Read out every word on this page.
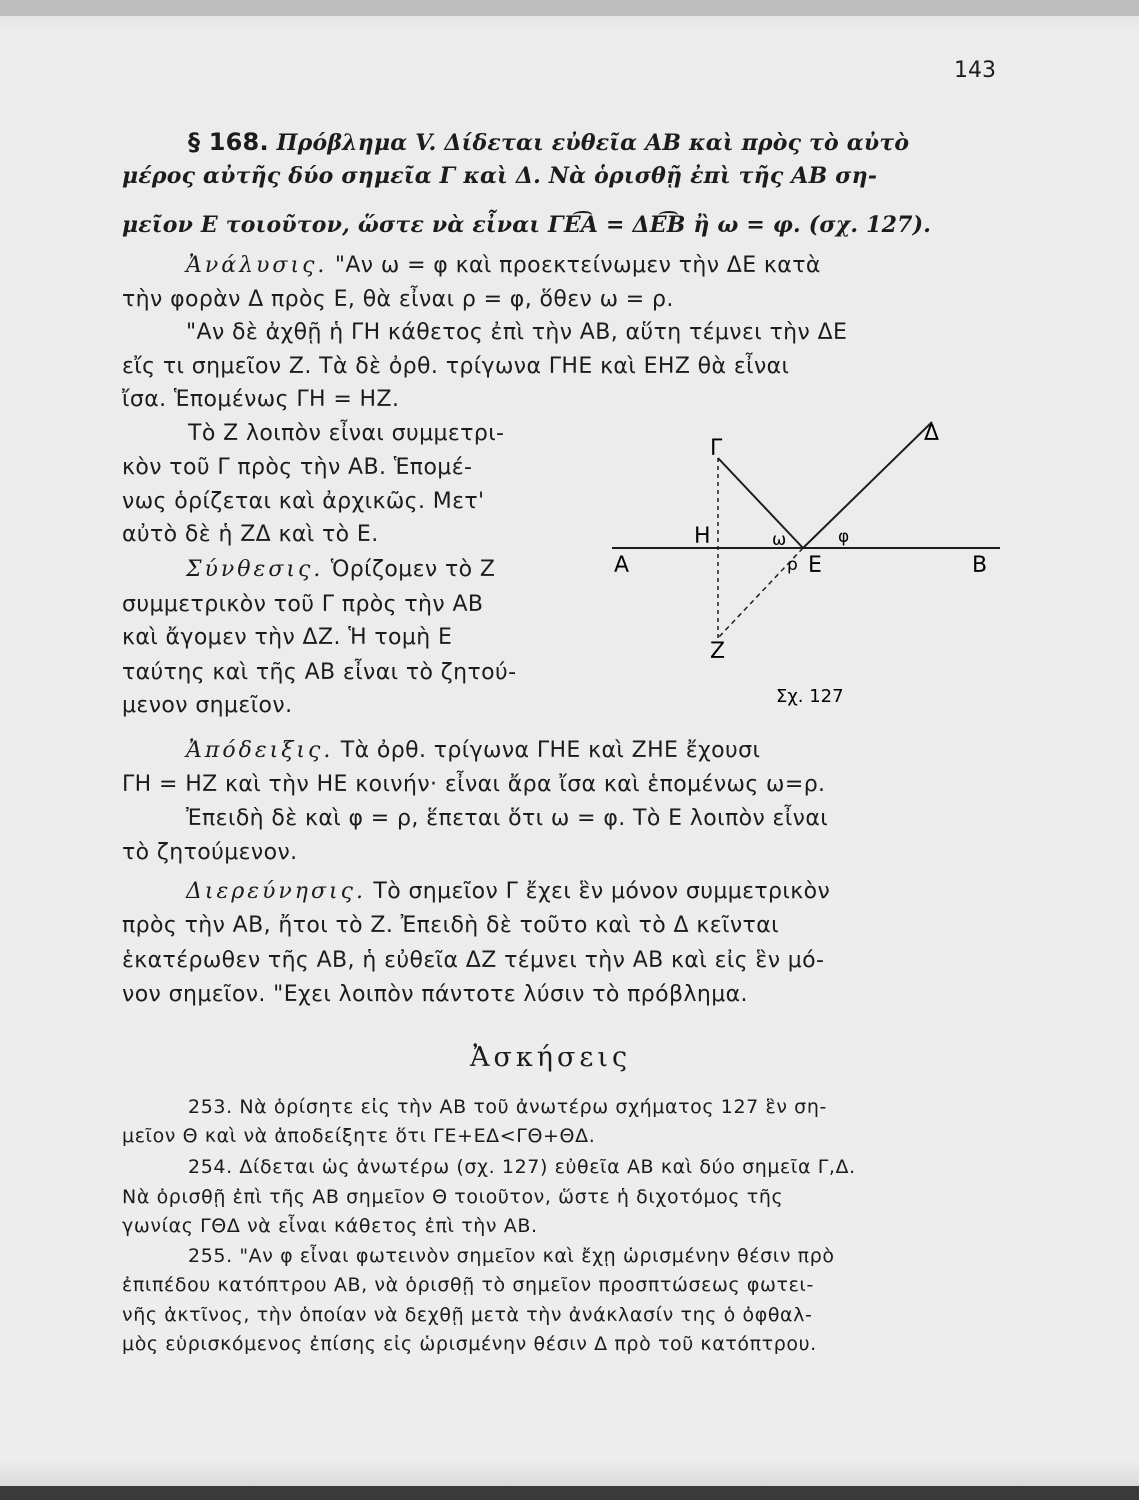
143
§ 168. Πρόβλημα V. Δίδεται εὐθεῖα ΑΒ καὶ πρὸς τὸ αὐτὸ
μέρος αὐτῆς δύο σημεῖα Γ καὶ Δ. Νὰ ὁρισθῇ ἐπὶ τῆς ΑΒ ση-
μεῖον Ε τοιοῦτον, ὥστε νὰ εἶναι ΓΕ͡Α = ΔΕ͡Β ἢ ω = φ. (σχ. 127).
Ἀνάλυσις. "Αν ω = φ καὶ προεκτείνωμεν τὴν ΔΕ κατὰ
τὴν φορὰν Δ πρὸς Ε, θὰ εἶναι ρ = φ, ὅθεν ω = ρ.
"Αν δὲ ἀχθῇ ἡ ΓΗ κάθετος ἐπὶ τὴν ΑΒ, αὕτη τέμνει τὴν ΔΕ
εἴς τι σημεῖον Ζ. Τὰ δὲ ὀρθ. τρίγωνα ΓΗΕ καὶ ΕΗΖ θὰ εἶναι
ἴσα. Ἑπομένως ΓΗ = ΗΖ.
Τὸ Ζ λοιπὸν εἶναι συμμετρι-
κὸν τοῦ Γ πρὸς τὴν ΑΒ. Ἑπομέ-
νως ὁρίζεται καὶ ἀρχικῶς. Μετ'
αὐτὸ δὲ ἡ ΖΔ καὶ τὸ Ε.
Σύνθεσις. Ὁρίζομεν τὸ Ζ
συμμετρικὸν τοῦ Γ πρὸς τὴν ΑΒ
καὶ ἄγομεν τὴν ΔΖ. Ἡ τομὴ Ε
ταύτης καὶ τῆς ΑΒ εἶναι τὸ ζητού-
μενον σημεῖον.
Γ
Δ
Η
Α	Β
Ε
Ζ
ω	φ
ρ
Σχ. 127
Ἀπόδειξις. Τὰ ὀρθ. τρίγωνα ΓΗΕ καὶ ΖΗΕ ἔχουσι
ΓΗ = ΗΖ καὶ τὴν ΗΕ κοινήν· εἶναι ἄρα ἴσα καὶ ἑπομένως ω=ρ.
Ἐπειδὴ δὲ καὶ φ = ρ, ἕπεται ὅτι ω = φ. Τὸ Ε λοιπὸν εἶναι
τὸ ζητούμενον.
Διερεύνησις. Τὸ σημεῖον Γ ἔχει ἓν μόνον συμμετρικὸν
πρὸς τὴν ΑΒ, ἤτοι τὸ Ζ. Ἐπειδὴ δὲ τοῦτο καὶ τὸ Δ κεῖνται
ἑκατέρωθεν τῆς ΑΒ, ἡ εὐθεῖα ΔΖ τέμνει τὴν ΑΒ καὶ εἰς ἓν μό-
νον σημεῖον. "Εχει λοιπὸν πάντοτε λύσιν τὸ πρόβλημα.
Ἀσκήσεις
253. Νὰ ὁρίσητε εἰς τὴν ΑΒ τοῦ ἀνωτέρω σχήματος 127 ἓν ση-
μεῖον Θ καὶ νὰ ἀποδείξητε ὅτι ΓΕ+ΕΔ<ΓΘ+ΘΔ.
254. Δίδεται ὡς ἀνωτέρω (σχ. 127) εὐθεῖα ΑΒ καὶ δύο σημεῖα Γ,Δ.
Νὰ ὁρισθῇ ἐπὶ τῆς ΑΒ σημεῖον Θ τοιοῦτον, ὥστε ἡ διχοτόμος τῆς
γωνίας ΓΘΔ νὰ εἶναι κάθετος ἐπὶ τὴν ΑΒ.
255. "Αν φ εἶναι φωτεινὸν σημεῖον καὶ ἔχῃ ὡρισμένην θέσιν πρὸ
ἐπιπέδου κατόπτρου ΑΒ, νὰ ὁρισθῇ τὸ σημεῖον προσπτώσεως φωτει-
νῆς ἀκτῖνος, τὴν ὁποίαν νὰ δεχθῇ μετὰ τὴν ἀνάκλασίν της ὁ ὀφθαλ-
μὸς εὑρισκόμενος ἐπίσης εἰς ὡρισμένην θέσιν Δ πρὸ τοῦ κατόπτρου.
